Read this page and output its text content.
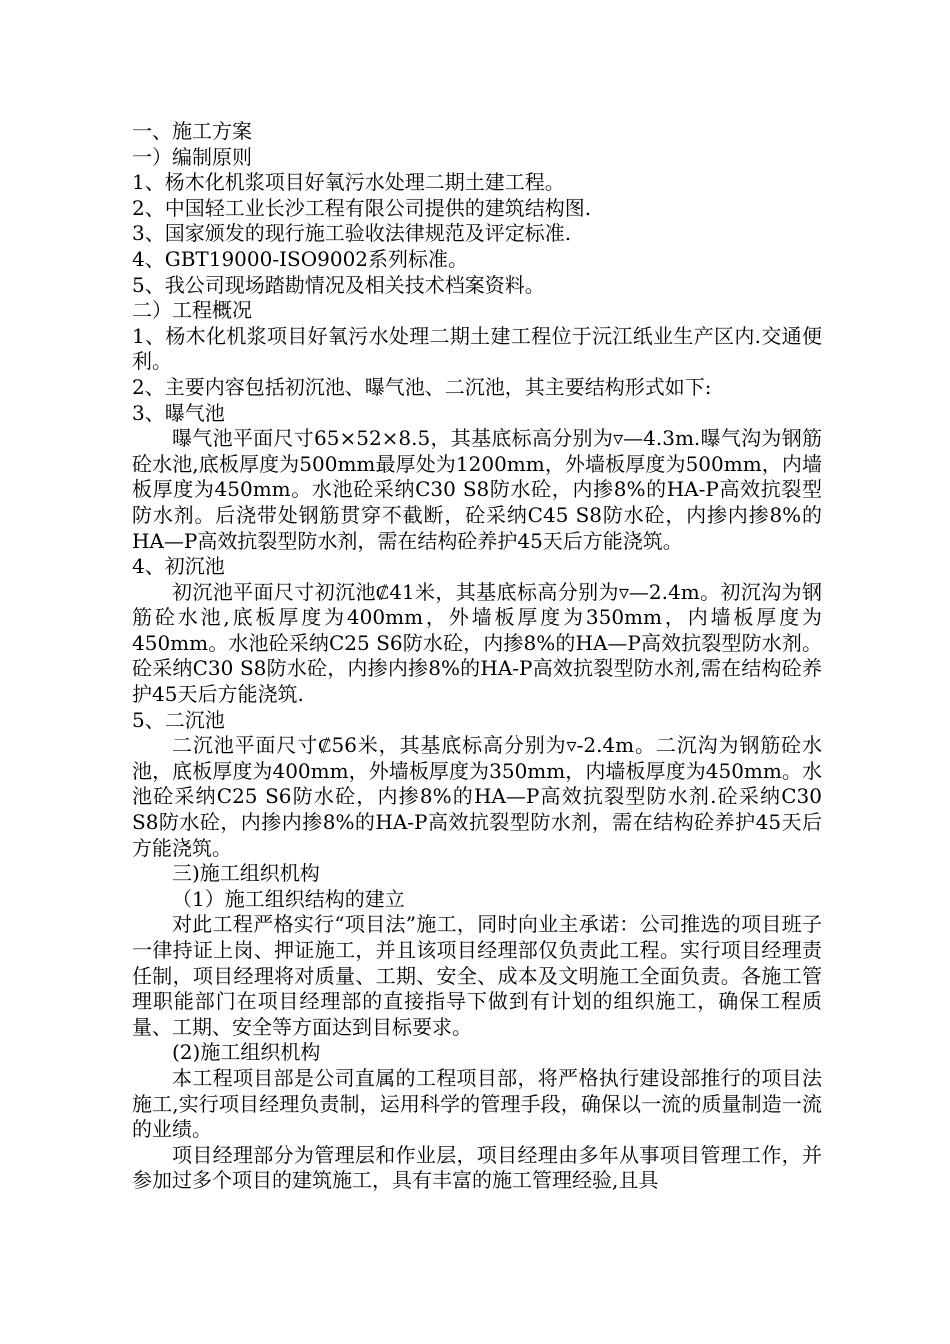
一、施工方案

一）编制原则

1、杨木化机浆项目好氧污水处理二期土建工程。

2、中国轻工业长沙工程有限公司提供的建筑结构图.

3、国家颁发的现行施工验收法律规范及评定标准.

4、GBT19000-ISO9002系列标准。

5、我公司现场踏勘情况及相关技术档案资料。

二）工程概况

1、杨木化机浆项目好氧污水处理二期土建工程位于沅江纸业生产区内.交通便利。

2、主要内容包括初沉池、曝气池、二沉池，其主要结构形式如下:

3、曝气池

曝气池平面尺寸65×52×8.5，其基底标高分别为▿—4.3m.曝气沟为钢筋砼水池,底板厚度为500mm最厚处为1200mm，外墙板厚度为500mm，内墙板厚度为450mm。水池砼采纳C30 S8防水砼，内掺8%的HA-P高效抗裂型防水剂。后浇带处钢筋贯穿不截断，砼采纳C45 S8防水砼，内掺内掺8%的HA—P高效抗裂型防水剂，需在结构砼养护45天后方能浇筑。

4、初沉池

初沉池平面尺寸初沉池₡41米，其基底标高分别为▿—2.4m。初沉沟为钢筋砼水池,底板厚度为400mm，外墙板厚度为350mm，内墙板厚度为450mm。水池砼采纳C25 S6防水砼，内掺8%的HA—P高效抗裂型防水剂。砼采纳C30 S8防水砼，内掺内掺8%的HA-P高效抗裂型防水剂,需在结构砼养护45天后方能浇筑.

5、二沉池

二沉池平面尺寸₡56米，其基底标高分别为▿-2.4m。二沉沟为钢筋砼水池，底板厚度为400mm，外墙板厚度为350mm，内墙板厚度为450mm。水池砼采纳C25 S6防水砼，内掺8%的HA—P高效抗裂型防水剂.砼采纳C30 S8防水砼，内掺内掺8%的HA-P高效抗裂型防水剂，需在结构砼养护45天后方能浇筑。

三)施工组织机构

（1）施工组织结构的建立

对此工程严格实行“项目法”施工，同时向业主承诺：公司推选的项目班子一律持证上岗、押证施工，并且该项目经理部仅负责此工程。实行项目经理责任制，项目经理将对质量、工期、安全、成本及文明施工全面负责。各施工管理职能部门在项目经理部的直接指导下做到有计划的组织施工，确保工程质量、工期、安全等方面达到目标要求。

(2)施工组织机构

本工程项目部是公司直属的工程项目部，将严格执行建设部推行的项目法施工,实行项目经理负责制，运用科学的管理手段，确保以一流的质量制造一流的业绩。

项目经理部分为管理层和作业层，项目经理由多年从事项目管理工作，并参加过多个项目的建筑施工，具有丰富的施工管理经验,且具
